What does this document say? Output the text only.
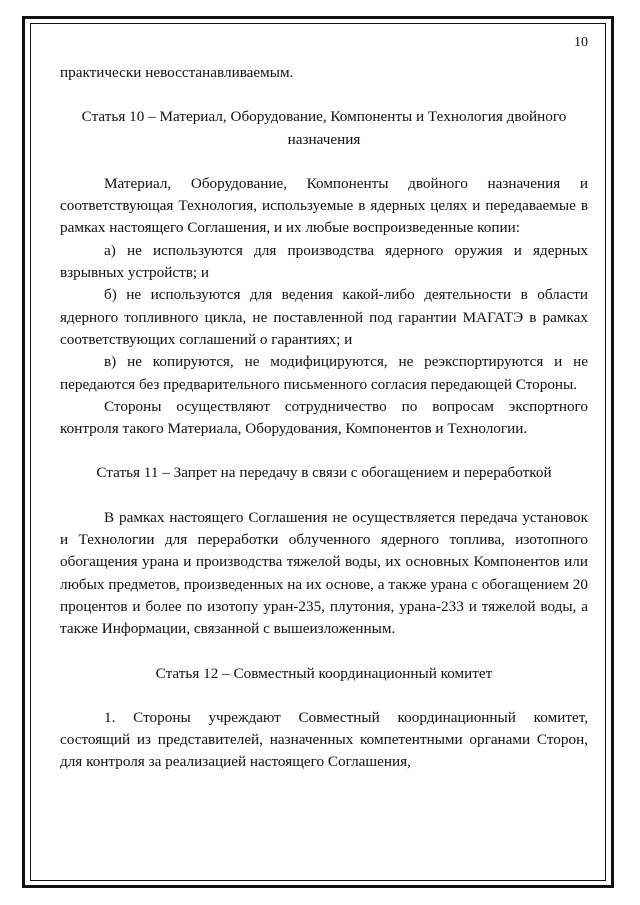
10

практически невосстанавливаемым.

Статья 10 – Материал, Оборудование, Компоненты и Технология двойного назначения

Материал, Оборудование, Компоненты двойного назначения и соответствующая Технология, используемые в ядерных целях и передаваемые в рамках настоящего Соглашения, и их любые воспроизведенные копии:

а) не используются для производства ядерного оружия и ядерных взрывных устройств; и

б) не используются для ведения какой-либо деятельности в области ядерного топливного цикла, не поставленной под гарантии МАГАТЭ в рамках соответствующих соглашений о гарантиях; и

в) не копируются, не модифицируются, не реэкспортируются и не передаются без предварительного письменного согласия передающей Стороны.

Стороны осуществляют сотрудничество по вопросам экспортного контроля такого Материала, Оборудования, Компонентов и Технологии.

Статья 11 – Запрет на передачу в связи с обогащением и переработкой

В рамках настоящего Соглашения не осуществляется передача установок и Технологии для переработки облученного ядерного топлива, изотопного обогащения урана и производства тяжелой воды, их основных Компонентов или любых предметов, произведенных на их основе, а также урана с обогащением 20 процентов и более по изотопу уран-235, плутония, урана-233 и тяжелой воды, а также Информации, связанной с вышеизложенным.

Статья 12 – Совместный координационный комитет

1. Стороны учреждают Совместный координационный комитет, состоящий из представителей, назначенных компетентными органами Сторон, для контроля за реализацией настоящего Соглашения,
